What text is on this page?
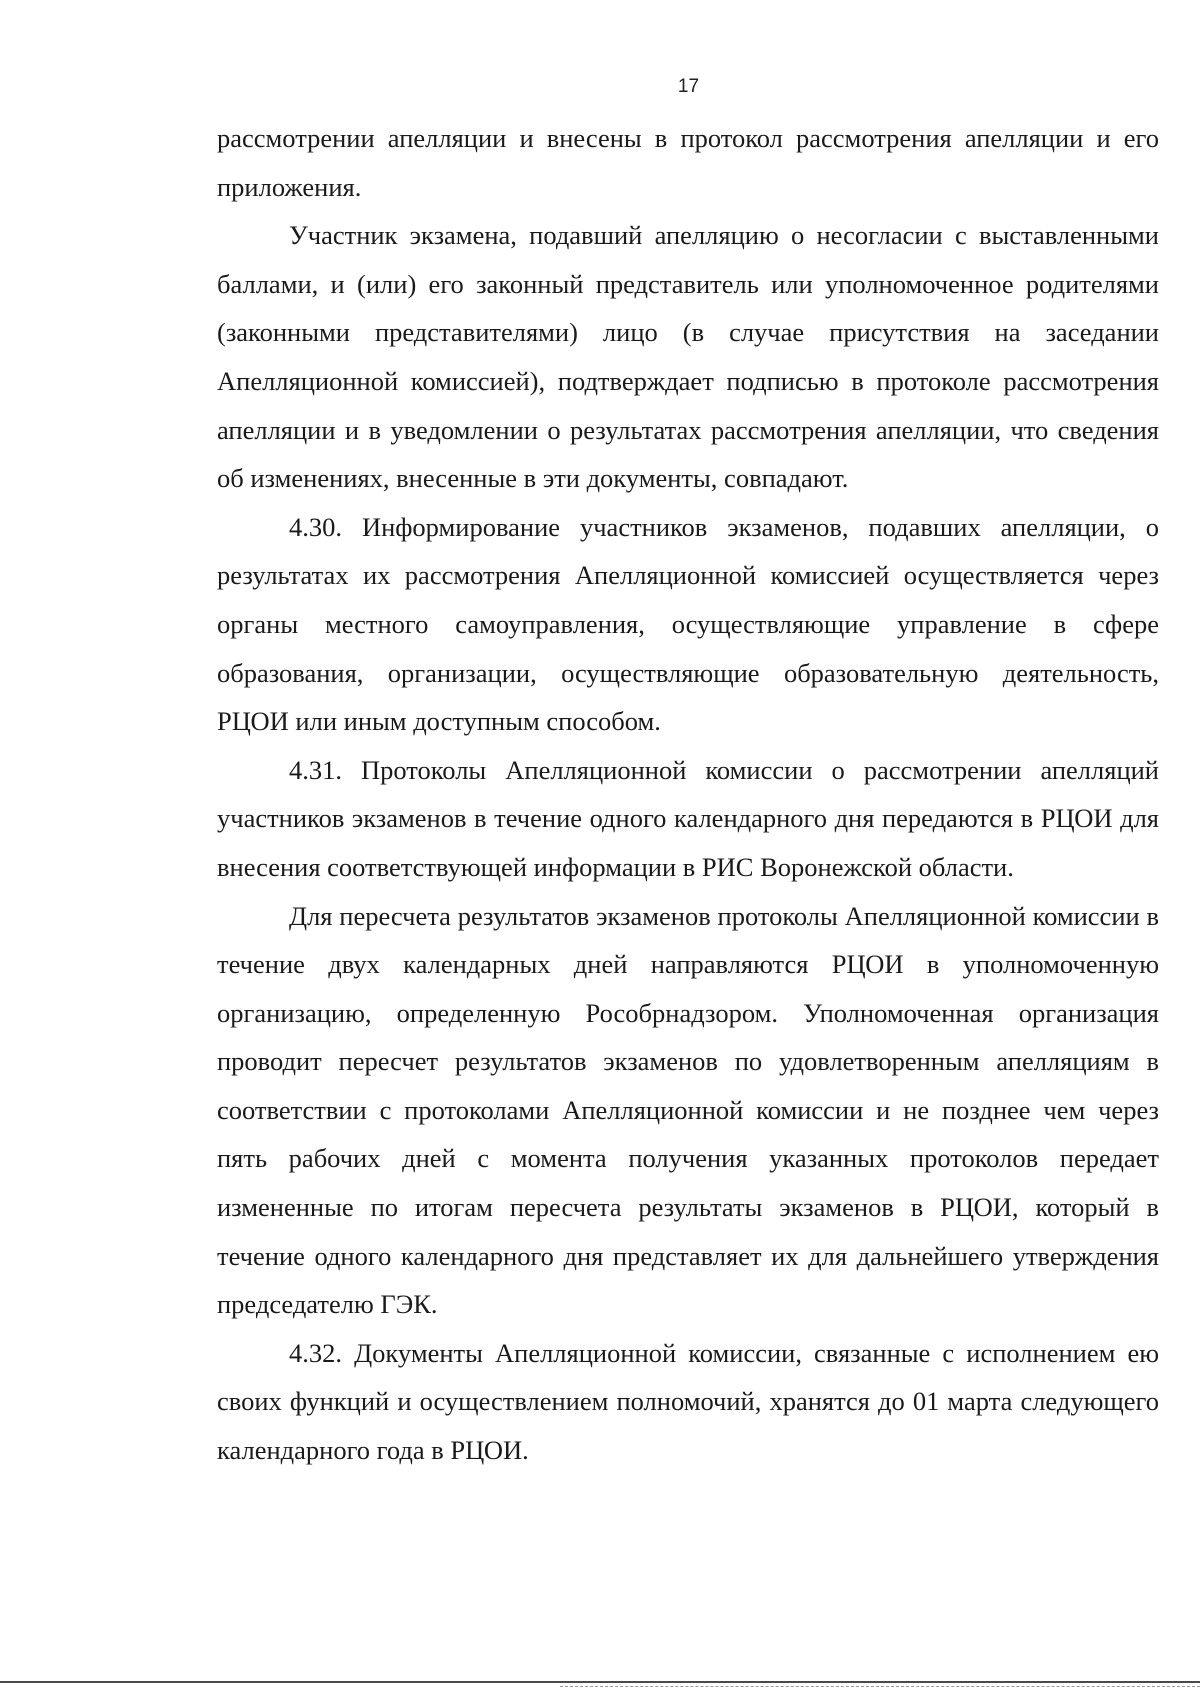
17

рассмотрении апелляции и внесены в протокол рассмотрения апелляции и его приложения.

Участник экзамена, подавший апелляцию о несогласии с выставленными баллами, и (или) его законный представитель или уполномоченное родителями (законными представителями) лицо (в случае присутствия на заседании Апелляционной комиссией), подтверждает подписью в протоколе рассмотрения апелляции и в уведомлении о результатах рассмотрения апелляции, что сведения об изменениях, внесенные в эти документы, совпадают.

4.30. Информирование участников экзаменов, подавших апелляции, о результатах их рассмотрения Апелляционной комиссией осуществляется через органы местного самоуправления, осуществляющие управление в сфере образования, организации, осуществляющие образовательную деятельность, РЦОИ или иным доступным способом.

4.31. Протоколы Апелляционной комиссии о рассмотрении апелляций участников экзаменов в течение одного календарного дня передаются в РЦОИ для внесения соответствующей информации в РИС Воронежской области.

Для пересчета результатов экзаменов протоколы Апелляционной комиссии в течение двух календарных дней направляются РЦОИ в уполномоченную организацию, определенную Рособрнадзором. Уполномоченная организация проводит пересчет результатов экзаменов по удовлетворенным апелляциям в соответствии с протоколами Апелляционной комиссии и не позднее чем через пять рабочих дней с момента получения указанных протоколов передает измененные по итогам пересчета результаты экзаменов в РЦОИ, который в течение одного календарного дня представляет их для дальнейшего утверждения председателю ГЭК.

4.32. Документы Апелляционной комиссии, связанные с исполнением ею своих функций и осуществлением полномочий, хранятся до 01 марта следующего календарного года в РЦОИ.
